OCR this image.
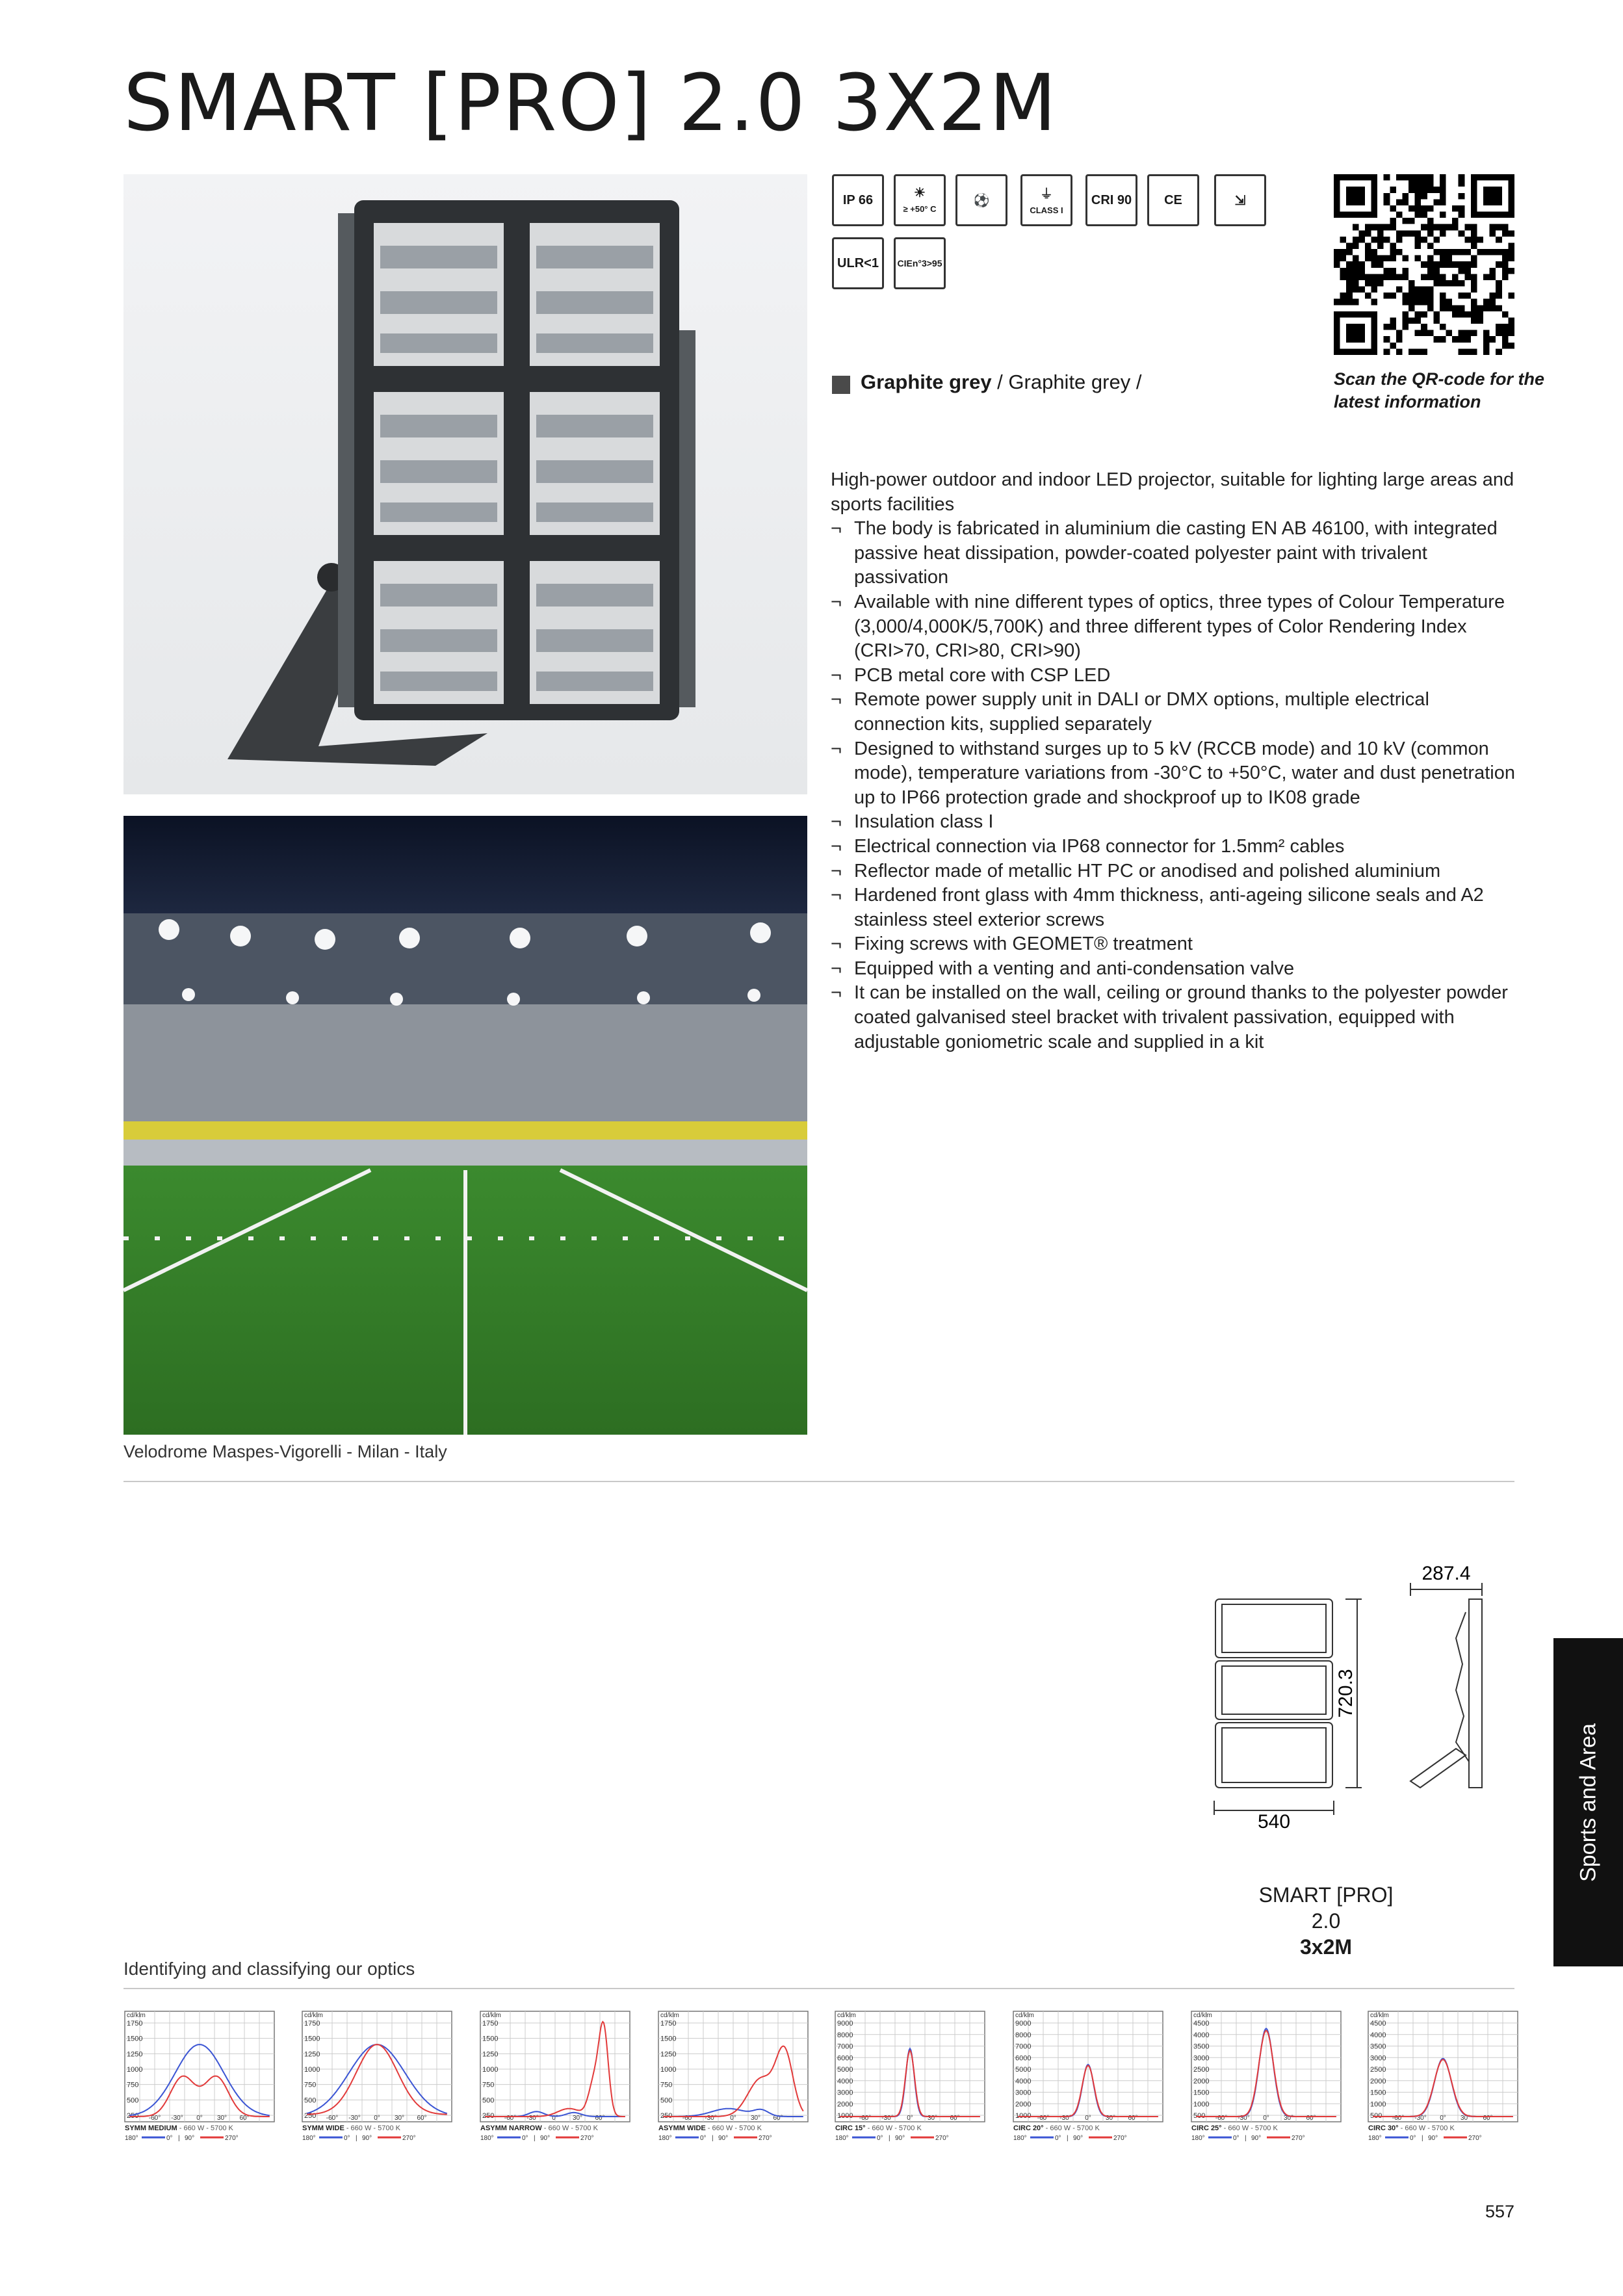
SMART [PRO] 2.0 3X2M
Velodrome Maspes-Vigorelli - Milan - Italy
IP 66	☀
≥ +50° C
⚽	⏚
CLASS I
CRI 90 CE	⇲
ULR<1 CIEn°3>95
Graphite grey / Graphite grey /	Scan the QR-code for the
latest information
High-power outdoor and indoor LED projector, suitable for lighting large areas and sports facilities
¬ The body is fabricated in aluminium die casting EN AB 46100, with integrated passive heat dissipation, powder-coated polyester paint with trivalent passivation
¬ Available with nine different types of optics, three types of Colour Temperature (3,000/4,000K/5,700K) and three different types of Color Rendering Index (CRI>70, CRI>80, CRI>90)
¬ PCB metal core with CSP LED
¬ Remote power supply unit in DALI or DMX options, multiple electrical connection kits, supplied separately
¬ Designed to withstand surges up to 5 kV (RCCB mode) and 10 kV (common mode), temperature variations from -30°C to +50°C, water and dust penetration up to IP66 protection grade and shockproof up to IK08 grade
¬ Insulation class I
¬ Electrical connection via IP68 connector for 1.5mm² cables
¬ Reflector made of metallic HT PC or anodised and polished aluminium
¬ Hardened front glass with 4mm thickness, anti-ageing silicone seals and A2 stainless steel exterior screws
¬ Fixing screws with GEOMET® treatment
¬ Equipped with a venting and anti-condensation valve
¬ It can be installed on the wall, ceiling or ground thanks to the polyester powder coated galvanised steel bracket with trivalent passivation, equipped with adjustable goniometric scale and supplied in a kit
287.4
720.3
540
SMART [PRO] 2.0
3x2M
Sports and Area
Identifying and classifying our optics
1750
1500
1250
1000
750
500
250
cd/klm
-60° -30° 0° 30° 60°
SYMM MEDIUM - 660 W - 5700 K
180°	0° | 90°	270°
1750
1500
1250
1000
750
500
250
cd/klm
-60° -30° 0° 30° 60°
SYMM WIDE - 660 W - 5700 K
180°	0° | 90°	270°
1750
1500
1250
1000
750
500
250
cd/klm
-60° -30° 0° 30° 60°
ASYMM NARROW - 660 W - 5700 K
180°	0° | 90°	270°
1750
1500
1250
1000
750
500
250
cd/klm
-60° -30° 0° 30° 60°
ASYMM WIDE - 660 W - 5700 K
180°	0° | 90°	270°
9000
8000
7000
6000
5000
4000
3000
2000
1000
cd/klm
-60° -30° 0° 30° 60°
CIRC 15° - 660 W - 5700 K
180°	0° | 90°	270°
9000
8000
7000
6000
5000
4000
3000
2000
1000
cd/klm
-60° -30° 0° 30° 60°
CIRC 20° - 660 W - 5700 K
180°	0° | 90°	270°
4500
4000
3500
3000
2500
2000
1500
1000
500
cd/klm
-60° -30° 0° 30° 60°
CIRC 25° - 660 W - 5700 K
180°	0° | 90°	270°
4500
4000
3500
3000
2500
2000
1500
1000
500
cd/klm
-60° -30° 0° 30° 60°
CIRC 30° - 660 W - 5700 K
180°	0° | 90°	270°
557
